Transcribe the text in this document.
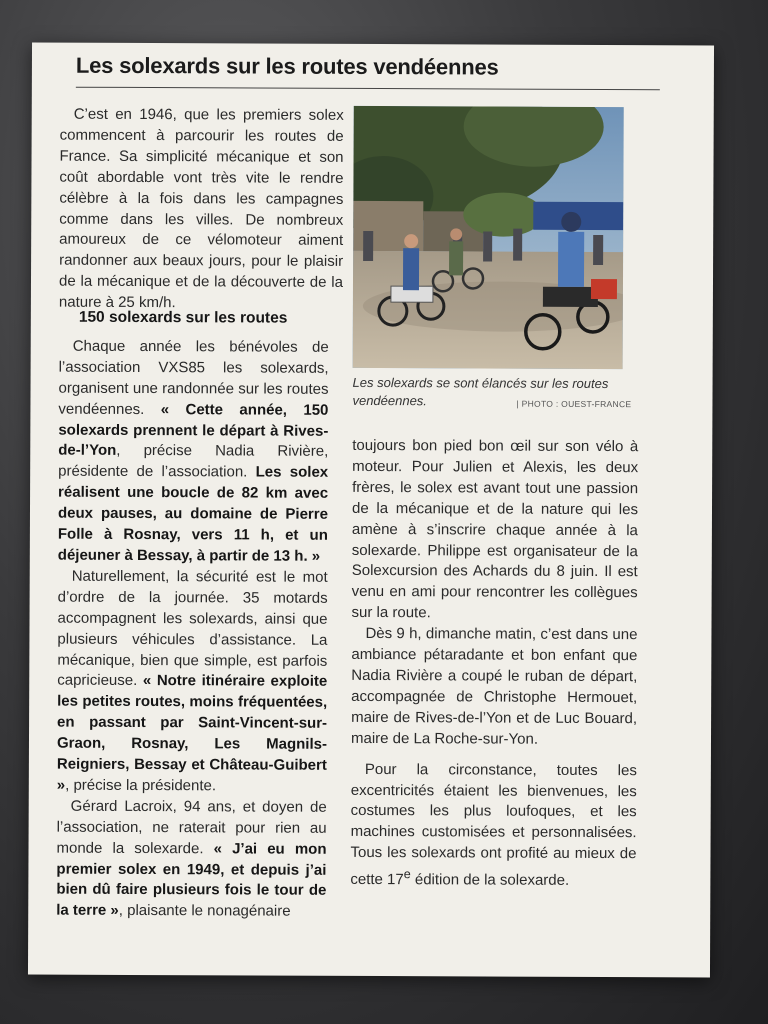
Les solexards sur les routes vendéennes

C’est en 1946, que les premiers solex commencent à parcourir les routes de France. Sa simplicité mécanique et son coût abordable vont très vite le rendre célèbre à la fois dans les campagnes comme dans les villes. De nombreux amoureux de ce vélomoteur aiment randonner aux beaux jours, pour le plaisir de la mécanique et de la découverte de la nature à 25 km/h.

Les solexards se sont élancés sur les routes vendéennes.	| PHOTO : OUEST-FRANCE

150 solexards sur les routes

Chaque année les bénévoles de l’association VXS85 les solexards, organisent une randonnée sur les routes vendéennes. « Cette année, 150 solexards prennent le départ à Rives-de-l’Yon, précise Nadia Rivière, présidente de l’association. Les solex réalisent une boucle de 82 km avec deux pauses, au domaine de Pierre Folle à Rosnay, vers 11 h, et un déjeuner à Bessay, à partir de 13 h. »

Naturellement, la sécurité est le mot d’ordre de la journée. 35 motards accompagnent les solexards, ainsi que plusieurs véhicules d’assistance. La mécanique, bien que simple, est parfois capricieuse. « Notre itinéraire exploite les petites routes, moins fréquentées, en passant par Saint-Vincent-sur-Graon, Rosnay, Les Magnils-Reigniers, Bessay et Château-Guibert », précise la présidente.

Gérard Lacroix, 94 ans, et doyen de l’association, ne raterait pour rien au monde la solexarde. « J’ai eu mon premier solex en 1949, et depuis j’ai bien dû faire plusieurs fois le tour de la terre », plaisante le nonagénaire

toujours bon pied bon œil sur son vélo à moteur. Pour Julien et Alexis, les deux frères, le solex est avant tout une passion de la mécanique et de la nature qui les amène à s’inscrire chaque année à la solexarde. Philippe est organisateur de la Solexcursion des Achards du 8 juin. Il est venu en ami pour rencontrer les collègues sur la route.

Dès 9 h, dimanche matin, c’est dans une ambiance pétaradante et bon enfant que Nadia Rivière a coupé le ruban de départ, accompagnée de Christophe Hermouet, maire de Rives-de-l’Yon et de Luc Bouard, maire de La Roche-sur-Yon.

Pour la circonstance, toutes les excentricités étaient les bienvenues, les costumes les plus loufoques, et les machines customisées et personnalisées. Tous les solexards ont profité au mieux de cette 17e édition de la solexarde.
